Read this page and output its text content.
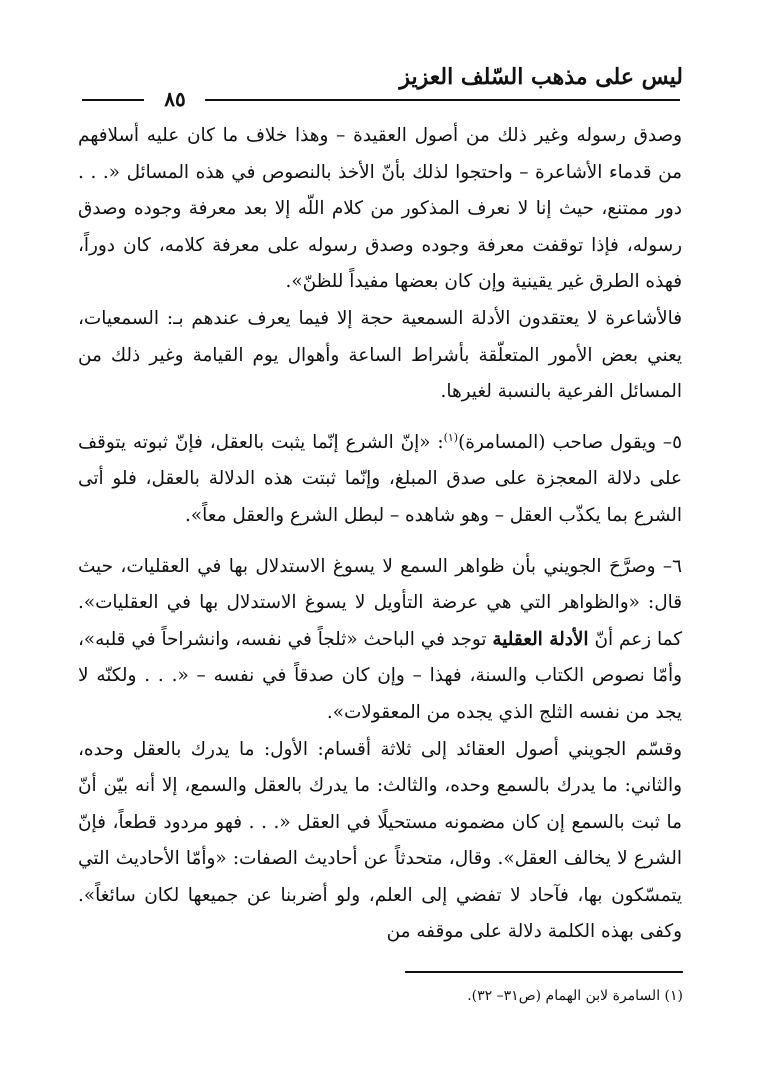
ليس على مذهب السّلف العزيز
٨٥

وصدق رسوله وغير ذلك من أصول العقيدة – وهذا خلاف ما كان عليه أسلافهم من قدماء الأشاعرة – واحتجوا لذلك بأنّ الأخذ بالنصوص في هذه المسائل «. . . دور ممتنع، حيث إنا لا نعرف المذكور من كلام اللّه إلا بعد معرفة وجوده وصدق رسوله، فإذا توقفت معرفة وجوده وصدق رسوله على معرفة كلامه، كان دوراً، فهذه الطرق غير يقينية وإن كان بعضها مفيداً للظنّ».

فالأشاعرة لا يعتقدون الأدلة السمعية حجة إلا فيما يعرف عندهم بـ: السمعيات، يعني بعض الأمور المتعلّقة بأشراط الساعة وأهوال يوم القيامة وغير ذلك من المسائل الفرعية بالنسبة لغيرها.

٥– ويقول صاحب (المسامرة)$^{(١)}$: «إنّ الشرع إنّما يثبت بالعقل، فإنّ ثبوته يتوقف على دلالة المعجزة على صدق المبلغ، وإنّما ثبتت هذه الدلالة بالعقل، فلو أتى الشرع بما يكذّب العقل – وهو شاهده – لبطل الشرع والعقل معاً».

٦– وصرَّحَ الجويني بأن ظواهر السمع لا يسوغ الاستدلال بها في العقليات، حيث قال: «والظواهر التي هي عرضة التأويل لا يسوغ الاستدلال بها في العقليات». كما زعم أنّ الأدلة العقلية توجد في الباحث «ثلجاً في نفسه، وانشراحاً في قلبه»، وأمّا نصوص الكتاب والسنة، فهذا – وإن كان صدقاً في نفسه – «. . . ولكنّه لا يجد من نفسه الثلج الذي يجده من المعقولات».

وقسّم الجويني أصول العقائد إلى ثلاثة أقسام: الأول: ما يدرك بالعقل وحده، والثاني: ما يدرك بالسمع وحده، والثالث: ما يدرك بالعقل والسمع، إلا أنه بيّن أنّ ما ثبت بالسمع إن كان مضمونه مستحيلًا في العقل «. . . فهو مردود قطعاً، فإنّ الشرع لا يخالف العقل». وقال، متحدثاً عن أحاديث الصفات: «وأمّا الأحاديث التي يتمسّكون بها، فآحاد لا تفضي إلى العلم، ولو أضربنا عن جميعها لكان سائغاً». وكفى بهذه الكلمة دلالة على موقفه من

(١) السامرة لابن الهمام (ص٣١– ٣٢).
